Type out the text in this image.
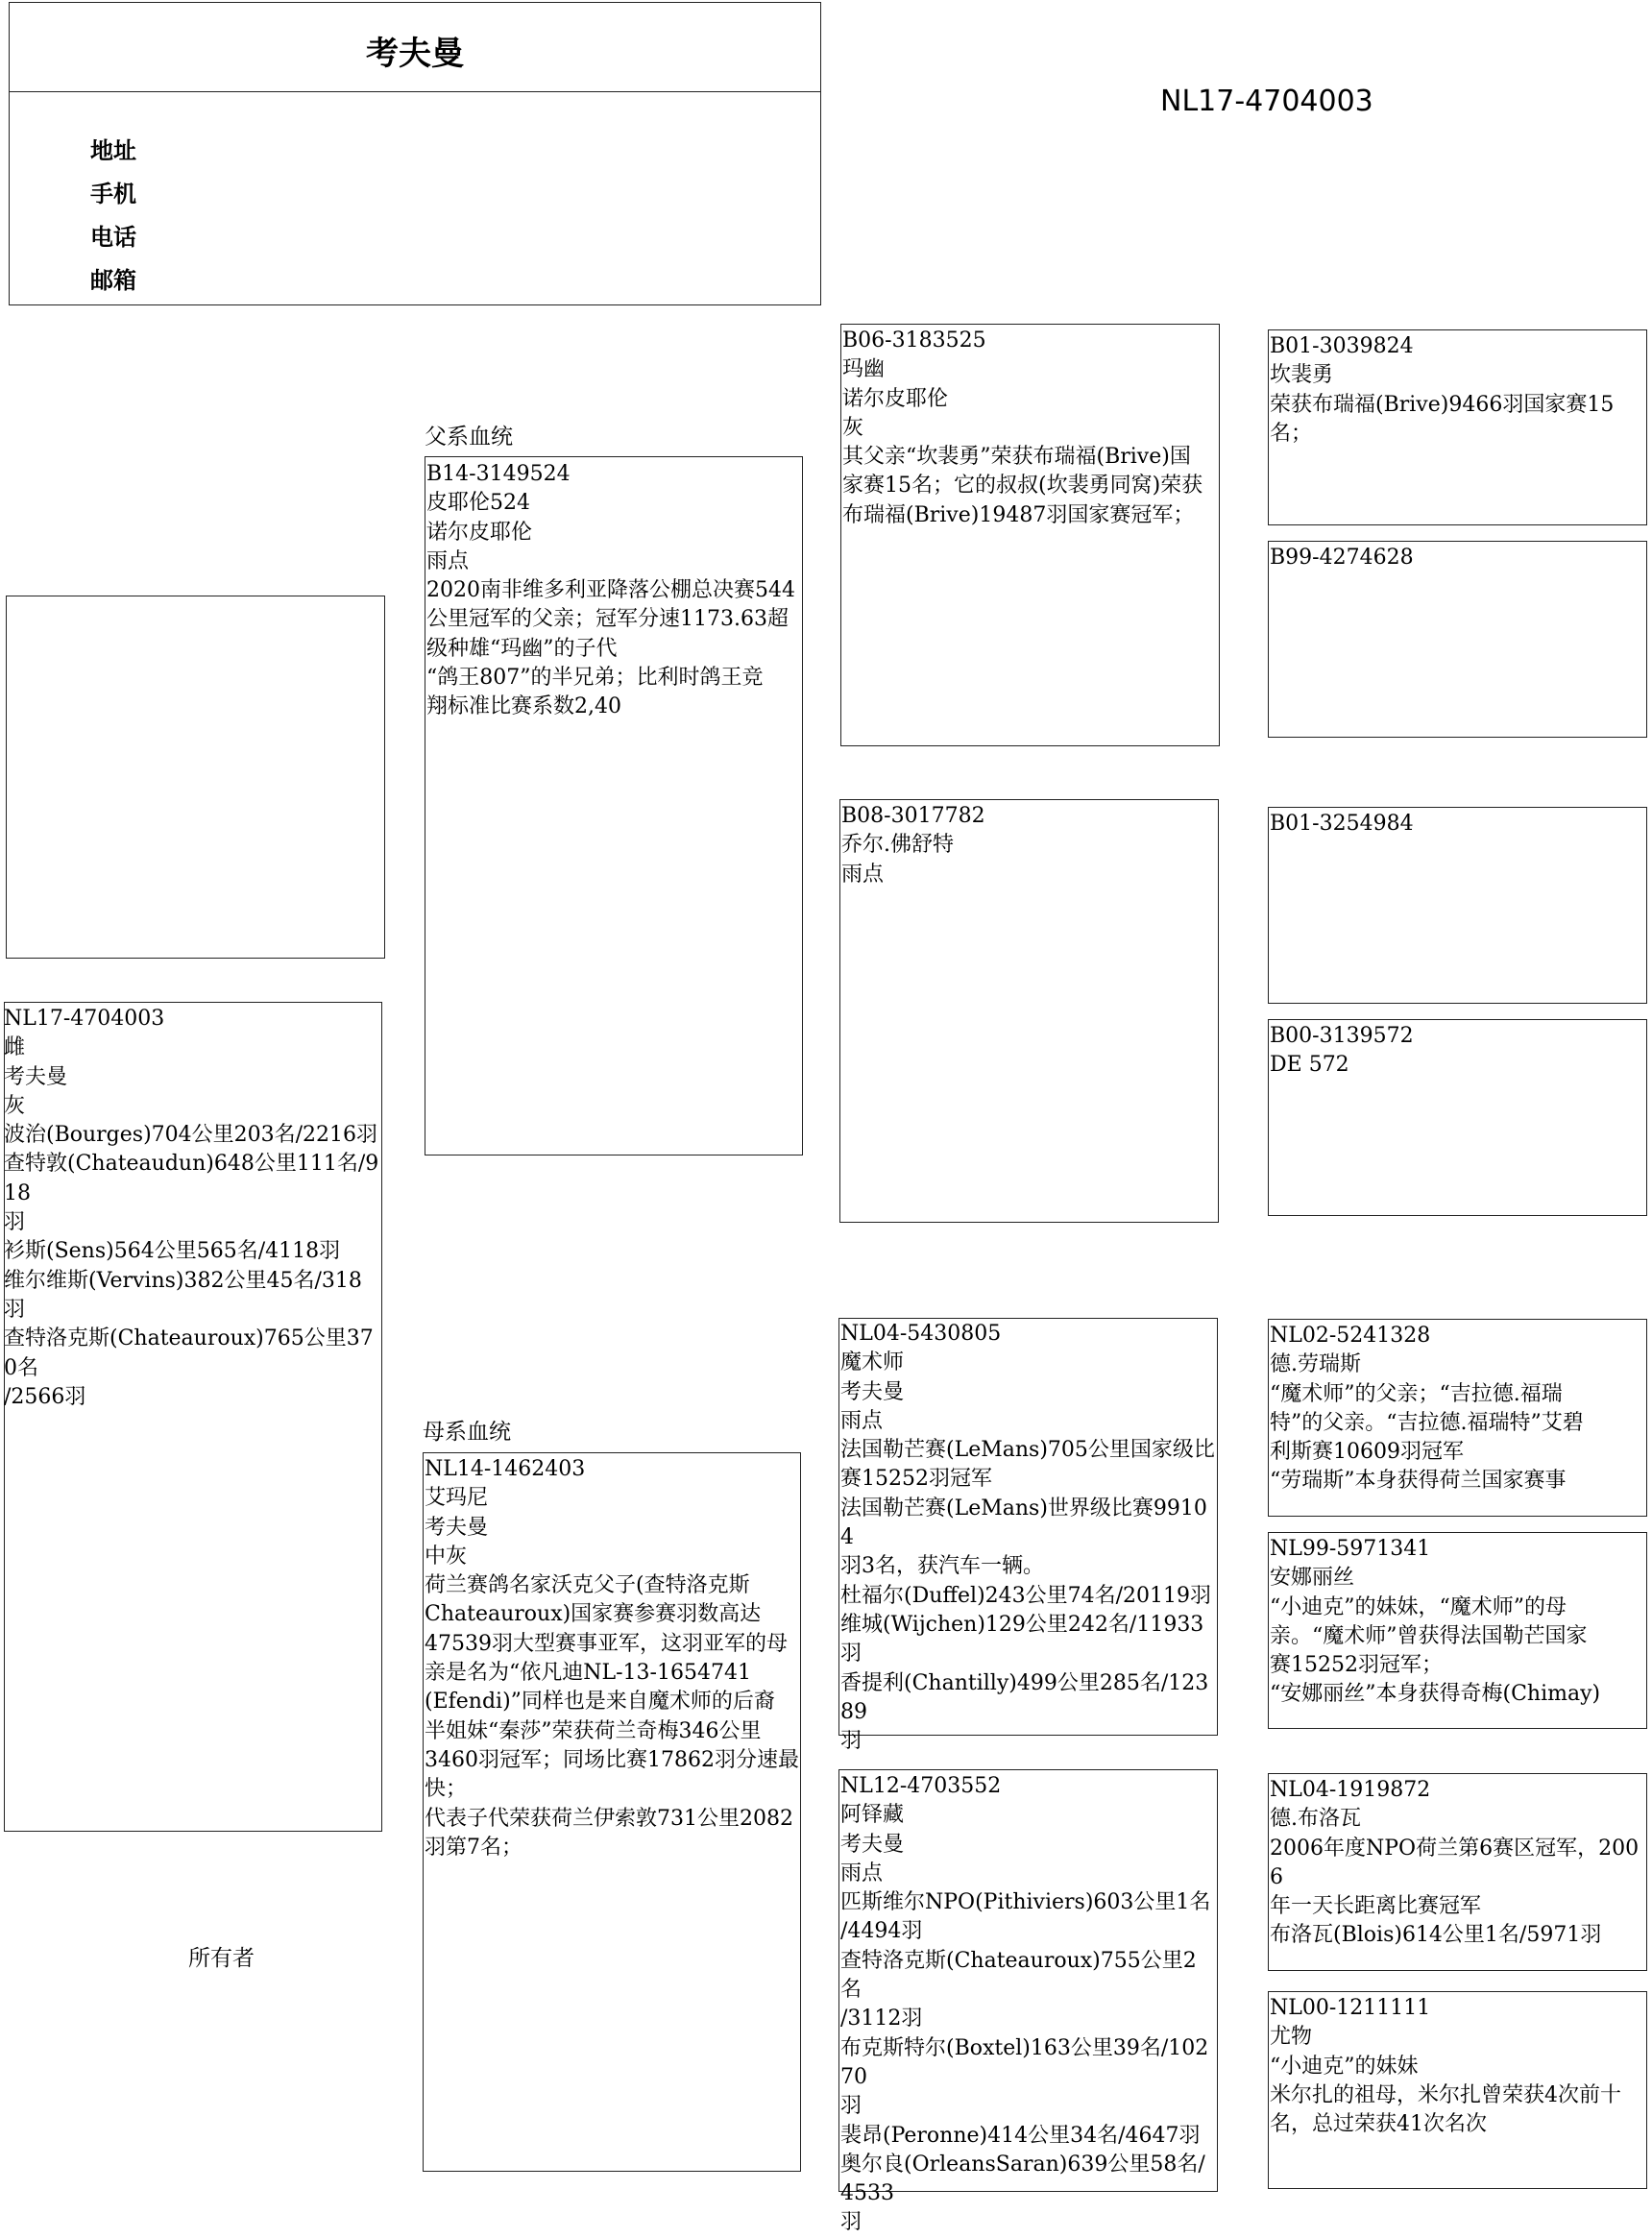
考夫曼
地址
手机
电话
邮箱
NL17-4704003
NL17-4704003
雌
考夫曼
灰
波治(Bourges)704公里203名/2216羽
查特敦(Chateaudun)648公里111名/918
羽
衫斯(Sens)564公里565名/4118羽
维尔维斯(Vervins)382公里45名/318羽
查特洛克斯(Chateauroux)765公里370名
/2566羽
父系血统
母系血统
所有者
B14-3149524
皮耶伦524
诺尔皮耶伦
雨点
2020南非维多利亚降落公棚总决赛544
公里冠军的父亲；冠军分速1173.63超
级种雄“玛幽”的子代
“鸽王807”的半兄弟；比利时鸽王竞
翔标准比赛系数2,40
NL14-1462403
艾玛尼
考夫曼
中灰
荷兰赛鸽名家沃克父子(查特洛克斯
Chateauroux)国家赛参赛羽数高达
47539羽大型赛事亚军，这羽亚军的母
亲是名为“依凡迪NL-13-1654741
(Efendi)”同样也是来自魔术师的后裔
半姐妹“秦莎”荣获荷兰奇梅346公里
3460羽冠军；同场比赛17862羽分速最
快；
代表子代荣获荷兰伊索敦731公里2082
羽第7名；
B06-3183525
玛幽
诺尔皮耶伦
灰
其父亲“坎裴勇”荣获布瑞福(Brive)国
家赛15名；它的叔叔(坎裴勇同窝)荣获
布瑞福(Brive)19487羽国家赛冠军；
B08-3017782
乔尔.佛舒特
雨点
NL04-5430805
魔术师
考夫曼
雨点
法国勒芒赛(LeMans)705公里国家级比
赛15252羽冠军
法国勒芒赛(LeMans)世界级比赛99104
羽3名，获汽车一辆。
杜福尔(Duffel)243公里74名/20119羽
维城(Wijchen)129公里242名/11933羽
香提利(Chantilly)499公里285名/12389
羽
NL12-4703552
阿铎藏
考夫曼
雨点
匹斯维尔NPO(Pithiviers)603公里1名
/4494羽
查特洛克斯(Chateauroux)755公里2名
/3112羽
布克斯特尔(Boxtel)163公里39名/10270
羽
裴昂(Peronne)414公里34名/4647羽
奥尔良(OrleansSaran)639公里58名/4533
羽
B01-3039824
坎裴勇
荣获布瑞福(Brive)9466羽国家赛15名；
B99-4274628
B01-3254984
B00-3139572
DE 572
NL02-5241328
德.劳瑞斯
“魔术师”的父亲；“吉拉德.福瑞
特”的父亲。“吉拉德.福瑞特”艾碧
利斯赛10609羽冠军
“劳瑞斯”本身获得荷兰国家赛事
NL99-5971341
安娜丽丝
“小迪克”的妹妹，“魔术师”的母
亲。“魔术师”曾获得法国勒芒国家
赛15252羽冠军；
“安娜丽丝”本身获得奇梅(Chimay)
NL04-1919872
德.布洛瓦
2006年度NPO荷兰第6赛区冠军，2006
年一天长距离比赛冠军
布洛瓦(Blois)614公里1名/5971羽
NL00-1211111
尤物
“小迪克”的妹妹
米尔扎的祖母，米尔扎曾荣获4次前十
名，总过荣获41次名次
